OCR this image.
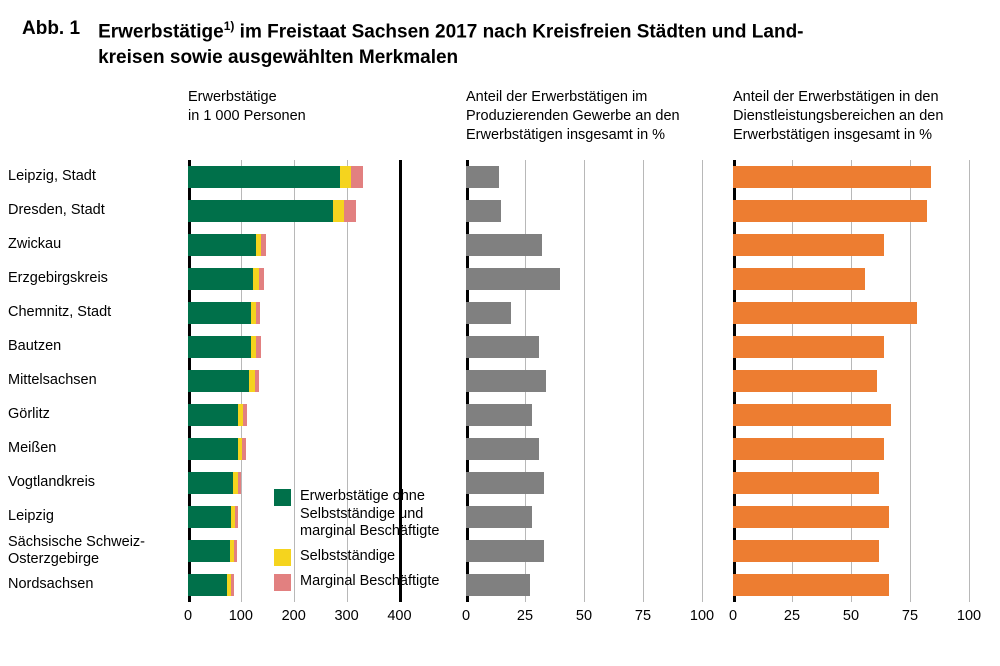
Abb. 1 Erwerbstätige$^{1)}$ im Freistaat Sachsen 2017 nach Kreisfreien Städten und Land-
kreisen sowie ausgewählten Merkmalen
Erwerbstätige
in 1 000 Personen
Anteil der Erwerbstätigen im
Produzierenden Gewerbe an den
Erwerbstätigen insgesamt in %
Anteil der Erwerbstätigen in den
Dienstleistungsbereichen an den
Erwerbstätigen insgesamt in %
Leipzig, Stadt
Dresden, Stadt
Zwickau
Erzgebirgskreis
Chemnitz, Stadt
Bautzen
Mittelsachsen
Görlitz
Meißen
Vogtlandkreis
Leipzig
Sächsische Schweiz-
Osterzgebirge
Nordsachsen
0	100 200 300 400	0	25	50	75	100 0	25	50	75	100
Erwerbstätige ohne
Selbstständige und
marginal Beschäftigte
Selbstständige
Marginal Beschäftigte
